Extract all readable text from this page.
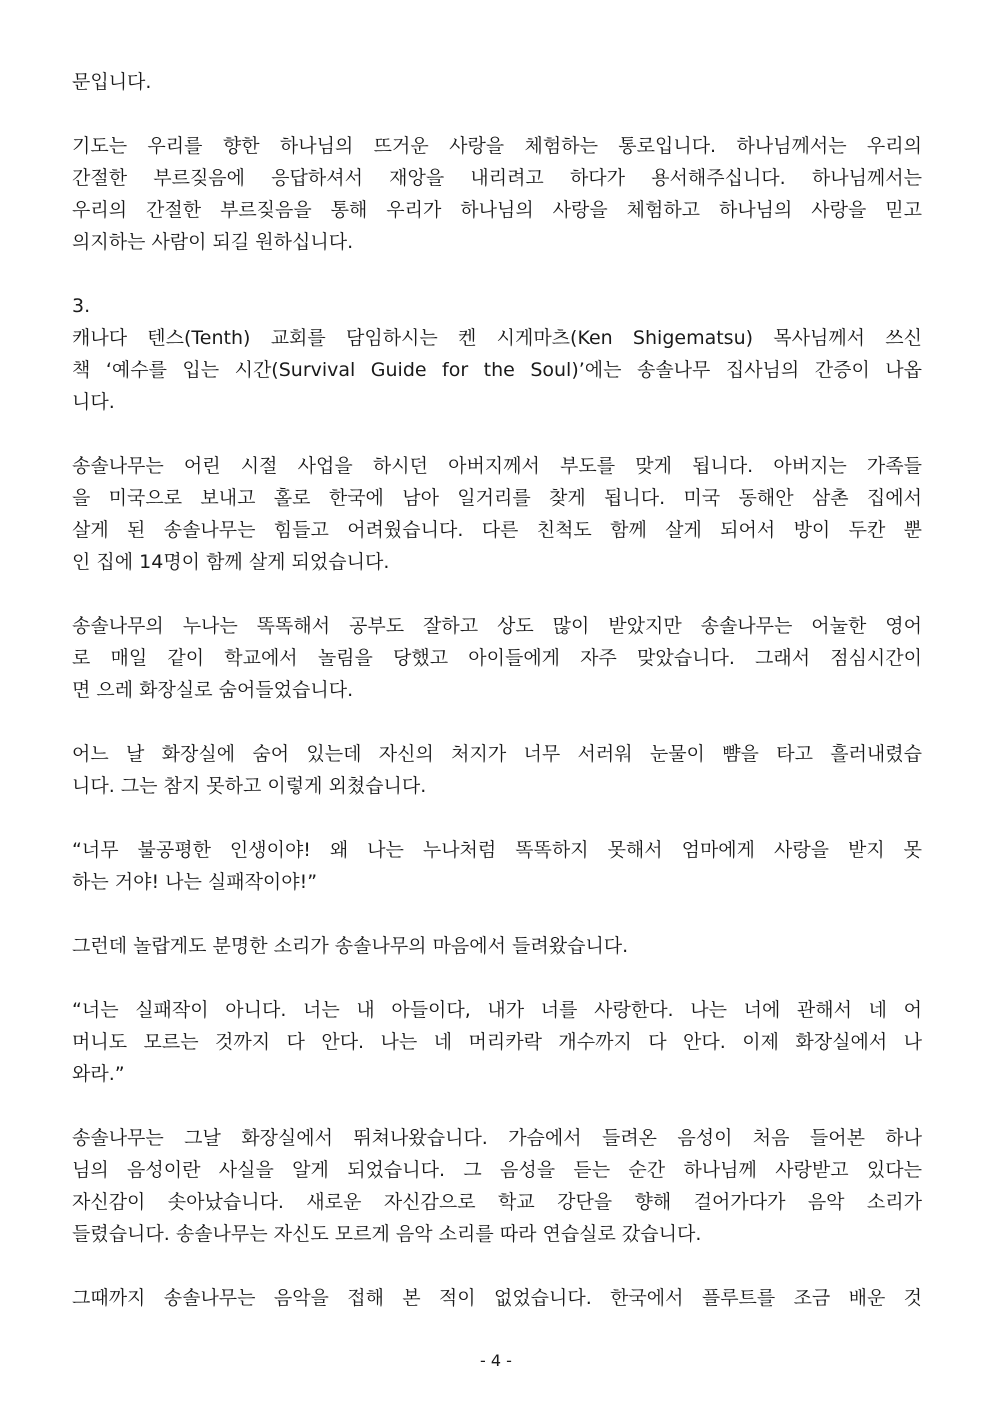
문입니다.
기도는 우리를 향한 하나님의 뜨거운 사랑을 체험하는 통로입니다. 하나님께서는 우리의
간절한 부르짖음에 응답하셔서 재앙을 내리려고 하다가 용서해주십니다. 하나님께서는
우리의 간절한 부르짖음을 통해 우리가 하나님의 사랑을 체험하고 하나님의 사랑을 믿고
의지하는 사람이 되길 원하십니다.
3.
캐나다 텐스(Tenth) 교회를 담임하시는 켄 시게마츠(Ken Shigematsu) 목사님께서 쓰신
책 ‘예수를 입는 시간(Survival Guide for the Soul)’에는 송솔나무 집사님의 간증이 나옵
니다.
송솔나무는 어린 시절 사업을 하시던 아버지께서 부도를 맞게 됩니다. 아버지는 가족들
을 미국으로 보내고 홀로 한국에 남아 일거리를 찾게 됩니다. 미국 동해안 삼촌 집에서
살게 된 송솔나무는 힘들고 어려웠습니다. 다른 친척도 함께 살게 되어서 방이 두칸 뿐
인 집에 14명이 함께 살게 되었습니다.
송솔나무의 누나는 똑똑해서 공부도 잘하고 상도 많이 받았지만 송솔나무는 어눌한 영어
로 매일 같이 학교에서 놀림을 당했고 아이들에게 자주 맞았습니다. 그래서 점심시간이
면 으레 화장실로 숨어들었습니다.
어느 날 화장실에 숨어 있는데 자신의 처지가 너무 서러워 눈물이 뺨을 타고 흘러내렸습
니다. 그는 참지 못하고 이렇게 외쳤습니다.
“너무 불공평한 인생이야! 왜 나는 누나처럼 똑똑하지 못해서 엄마에게 사랑을 받지 못
하는 거야! 나는 실패작이야!”
그런데 놀랍게도 분명한 소리가 송솔나무의 마음에서 들려왔습니다.
“너는 실패작이 아니다. 너는 내 아들이다, 내가 너를 사랑한다. 나는 너에 관해서 네 어
머니도 모르는 것까지 다 안다. 나는 네 머리카락 개수까지 다 안다. 이제 화장실에서 나
와라.”
송솔나무는 그날 화장실에서 뛰쳐나왔습니다. 가슴에서 들려온 음성이 처음 들어본 하나
님의 음성이란 사실을 알게 되었습니다. 그 음성을 듣는 순간 하나님께 사랑받고 있다는
자신감이 솟아났습니다. 새로운 자신감으로 학교 강단을 향해 걸어가다가 음악 소리가
들렸습니다. 송솔나무는 자신도 모르게 음악 소리를 따라 연습실로 갔습니다.
그때까지 송솔나무는 음악을 접해 본 적이 없었습니다. 한국에서 플루트를 조금 배운 것
- 4 -
